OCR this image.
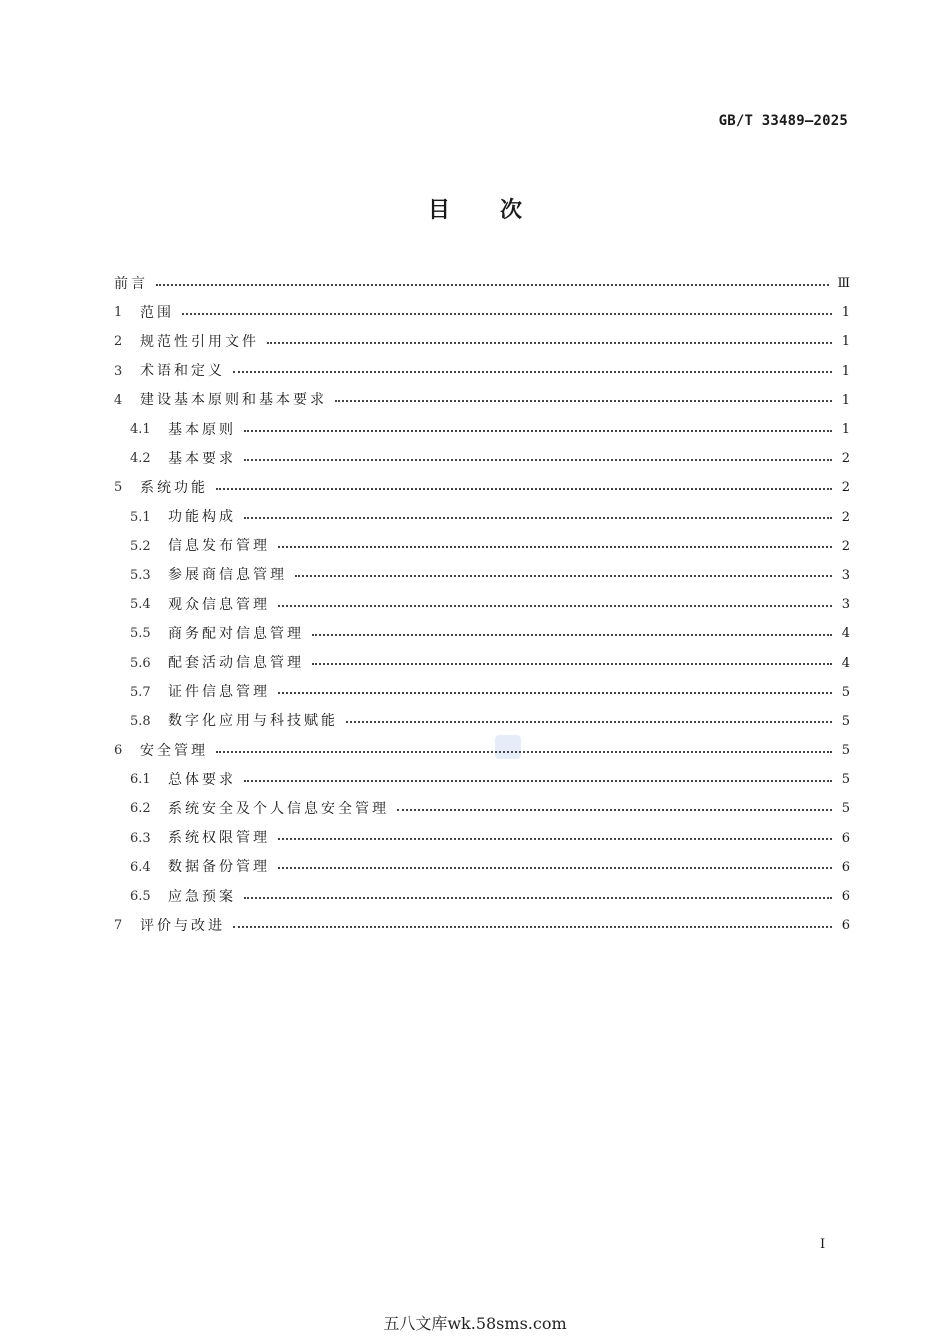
GB/T 33489—2025
目次
前言	Ⅲ
1	范围	1
2	规范性引用文件	1
3	术语和定义	1
4	建设基本原则和基本要求	1
4.1	基本原则	1
4.2	基本要求	2
5	系统功能	2
5.1	功能构成	2
5.2	信息发布管理	2
5.3	参展商信息管理	3
5.4	观众信息管理	3
5.5	商务配对信息管理	4
5.6	配套活动信息管理	4
5.7	证件信息管理	5
5.8	数字化应用与科技赋能	5
6	安全管理	5
6.1	总体要求	5
6.2	系统安全及个人信息安全管理	5
6.3	系统权限管理	6
6.4	数据备份管理	6
6.5	应急预案	6
7	评价与改进	6
I
五八文库wk.58sms.com
